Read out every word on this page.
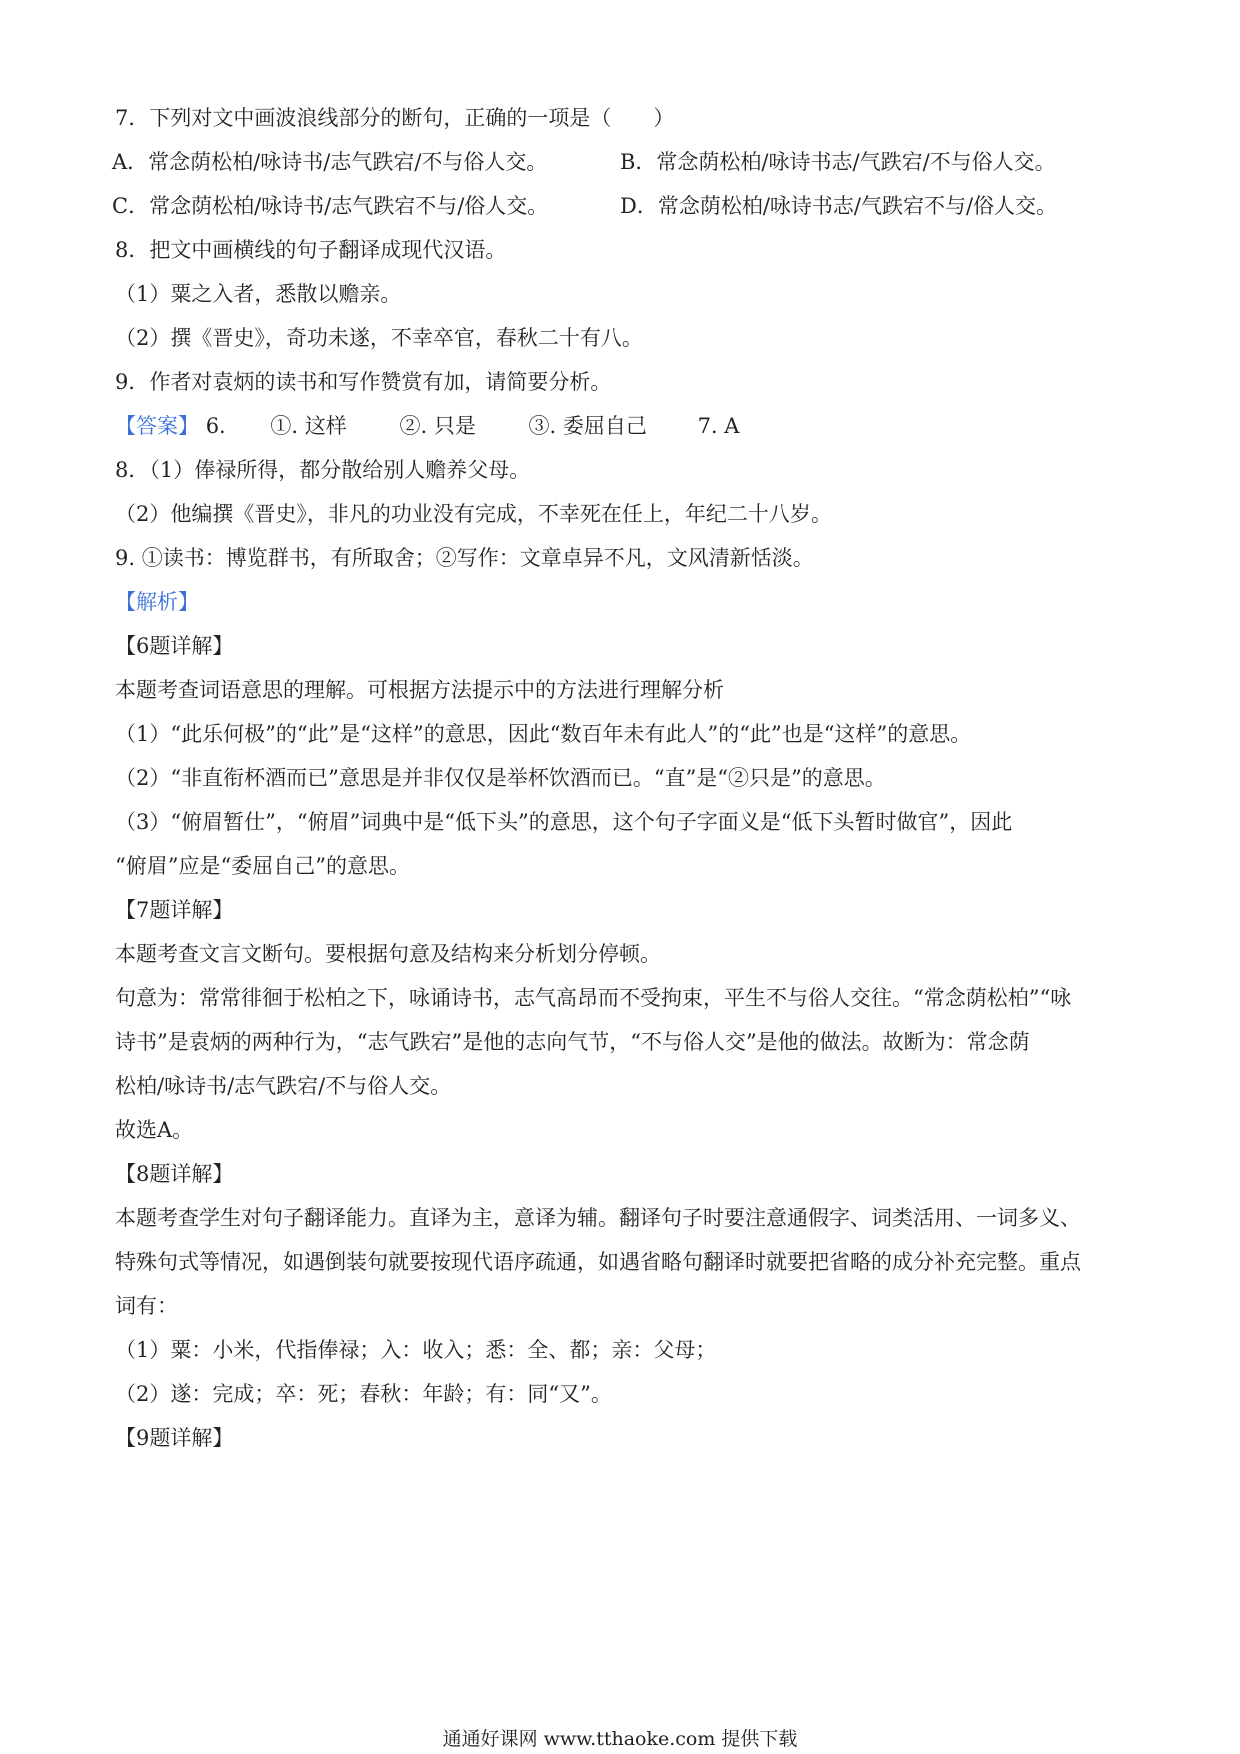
7．下列对文中画波浪线部分的断句，正确的一项是（　　）
A．常念荫松柏/咏诗书/志气跌宕/不与俗人交。	B．常念荫松柏/咏诗书志/气跌宕/不与俗人交。
C．常念荫松柏/咏诗书/志气跌宕不与/俗人交。	D．常念荫松柏/咏诗书志/气跌宕不与/俗人交。
8．把文中画横线的句子翻译成现代汉语。
（1）粟之入者，悉散以赡亲。
（2）撰《晋史》，奇功未遂，不幸卒官，春秋二十有八。
9．作者对袁炳的读书和写作赞赏有加，请简要分析。
【答案】 6. ①. 这样	②. 只是	③. 委屈自己 7. A
8．（1）俸禄所得，都分散给别人赡养父母。
（2）他编撰《晋史》，非凡的功业没有完成，不幸死在任上，年纪二十八岁。
9. ①读书：博览群书，有所取舍；②写作：文章卓异不凡，文风清新恬淡。
【解析】
【6题详解】
本题考查词语意思的理解。可根据方法提示中的方法进行理解分析
（1）“此乐何极”的“此”是“这样”的意思，因此“数百年未有此人”的“此”也是“这样”的意思。
（2）“非直衔杯酒而已”意思是并非仅仅是举杯饮酒而已。“直”是“②只是”的意思。
（3）“俯眉暂仕”，“俯眉”词典中是“低下头”的意思，这个句子字面义是“低下头暂时做官”，因此
“俯眉”应是“委屈自己”的意思。
【7题详解】
本题考查文言文断句。要根据句意及结构来分析划分停顿。
句意为：常常徘徊于松柏之下，咏诵诗书，志气高昂而不受拘束，平生不与俗人交往。“常念荫松柏”“咏
诗书”是袁炳的两种行为，“志气跌宕”是他的志向气节，“不与俗人交”是他的做法。故断为：常念荫
松柏/咏诗书/志气跌宕/不与俗人交。
故选A。
【8题详解】
本题考查学生对句子翻译能力。直译为主，意译为辅。翻译句子时要注意通假字、词类活用、一词多义、
特殊句式等情况，如遇倒装句就要按现代语序疏通，如遇省略句翻译时就要把省略的成分补充完整。重点
词有：
（1）粟：小米，代指俸禄；入：收入；悉：全、都；亲：父母；
（2）遂：完成；卒：死；春秋：年龄；有：同“又”。
【9题详解】
通通好课网 www.tthaoke.com 提供下载
